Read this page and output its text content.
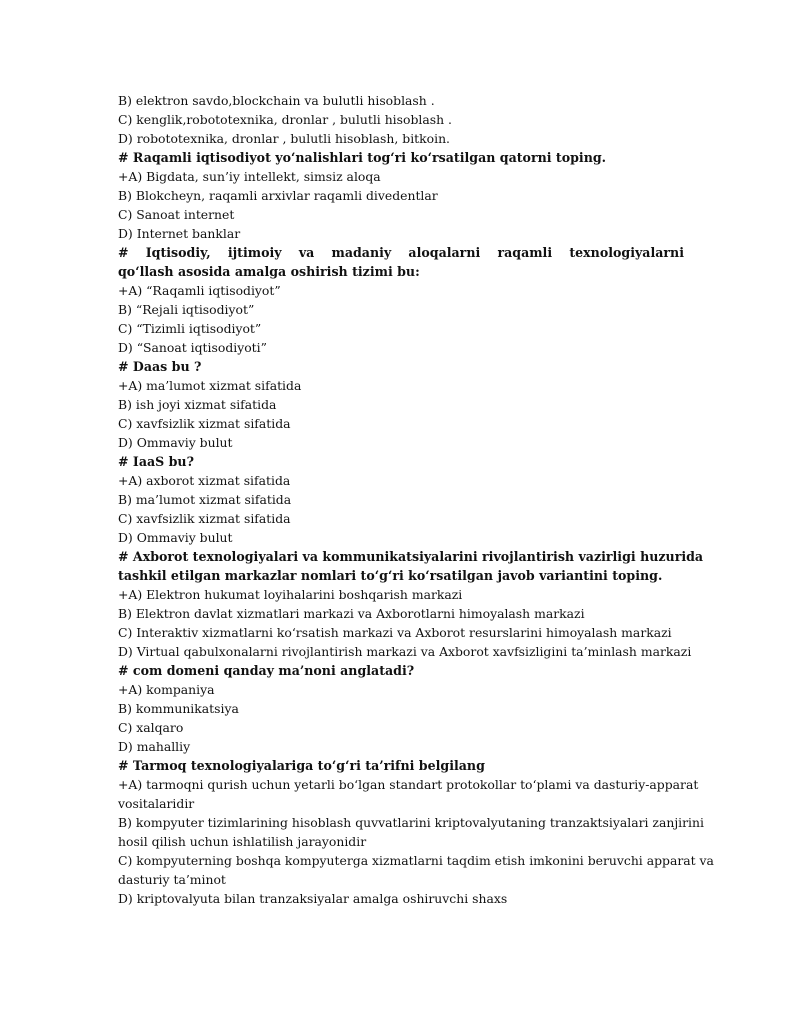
B) elektron savdo,blockchain va bulutli hisoblash .
C) kenglik,robototexnika, dronlar , bulutli hisoblash .
D) robototexnika, dronlar , bulutli hisoblash, bitkoin.
# Raqamli iqtisodiyot yo‘nalishlari tog‘ri ko‘rsatilgan qatorni toping.
+A) Bigdata, sun’iy intellekt, simsiz aloqa
B) Blokcheyn, raqamli arxivlar raqamli divedentlar
C) Sanoat internet
D) Internet banklar
# Iqtisodiy, ijtimoiy va madaniy aloqalarni raqamli texnologiyalarni
qo‘llash asosida amalga oshirish tizimi bu:
+A) “Raqamli iqtisodiyot”
B) “Rejali iqtisodiyot”
C) “Tizimli iqtisodiyot”
D) “Sanoat iqtisodiyoti”
# Daas bu ?
+A) ma’lumot xizmat sifatida
B) ish joyi xizmat sifatida
C) xavfsizlik xizmat sifatida
D) Ommaviy bulut
# IaaS bu?
+A) axborot xizmat sifatida
B) ma’lumot xizmat sifatida
C) xavfsizlik xizmat sifatida
D) Ommaviy bulut
# Axborot texnologiyalari va kommunikatsiyalarini rivojlantirish vazirligi huzurida
tashkil etilgan markazlar nomlari to‘g‘ri ko‘rsatilgan javob variantini toping.
+A) Elektron hukumat loyihalarini boshqarish markazi
B) Elektron davlat xizmatlari markazi va Axborotlarni himoyalash markazi
C) Interaktiv xizmatlarni ko‘rsatish markazi va Axborot resurslarini himoyalash markazi
D) Virtual qabulxonalarni rivojlantirish markazi va Axborot xavfsizligini ta’minlash markazi
# com domeni qanday ma’noni anglatadi?
+A) kompaniya
B) kommunikatsiya
C) xalqaro
D) mahalliy
# Tarmoq texnologiyalariga to‘g‘ri ta’rifni belgilang
+A) tarmoqni qurish uchun yetarli bo‘lgan standart protokollar to‘plami va dasturiy-apparat
vositalaridir
B) kompyuter tizimlarining hisoblash quvvatlarini kriptovalyutaning tranzaktsiyalari zanjirini
hosil qilish uchun ishlatilish jarayonidir
C) kompyuterning boshqa kompyuterga xizmatlarni taqdim etish imkonini beruvchi apparat va
dasturiy ta’minot
D) kriptovalyuta bilan tranzaksiyalar amalga oshiruvchi shaxs
